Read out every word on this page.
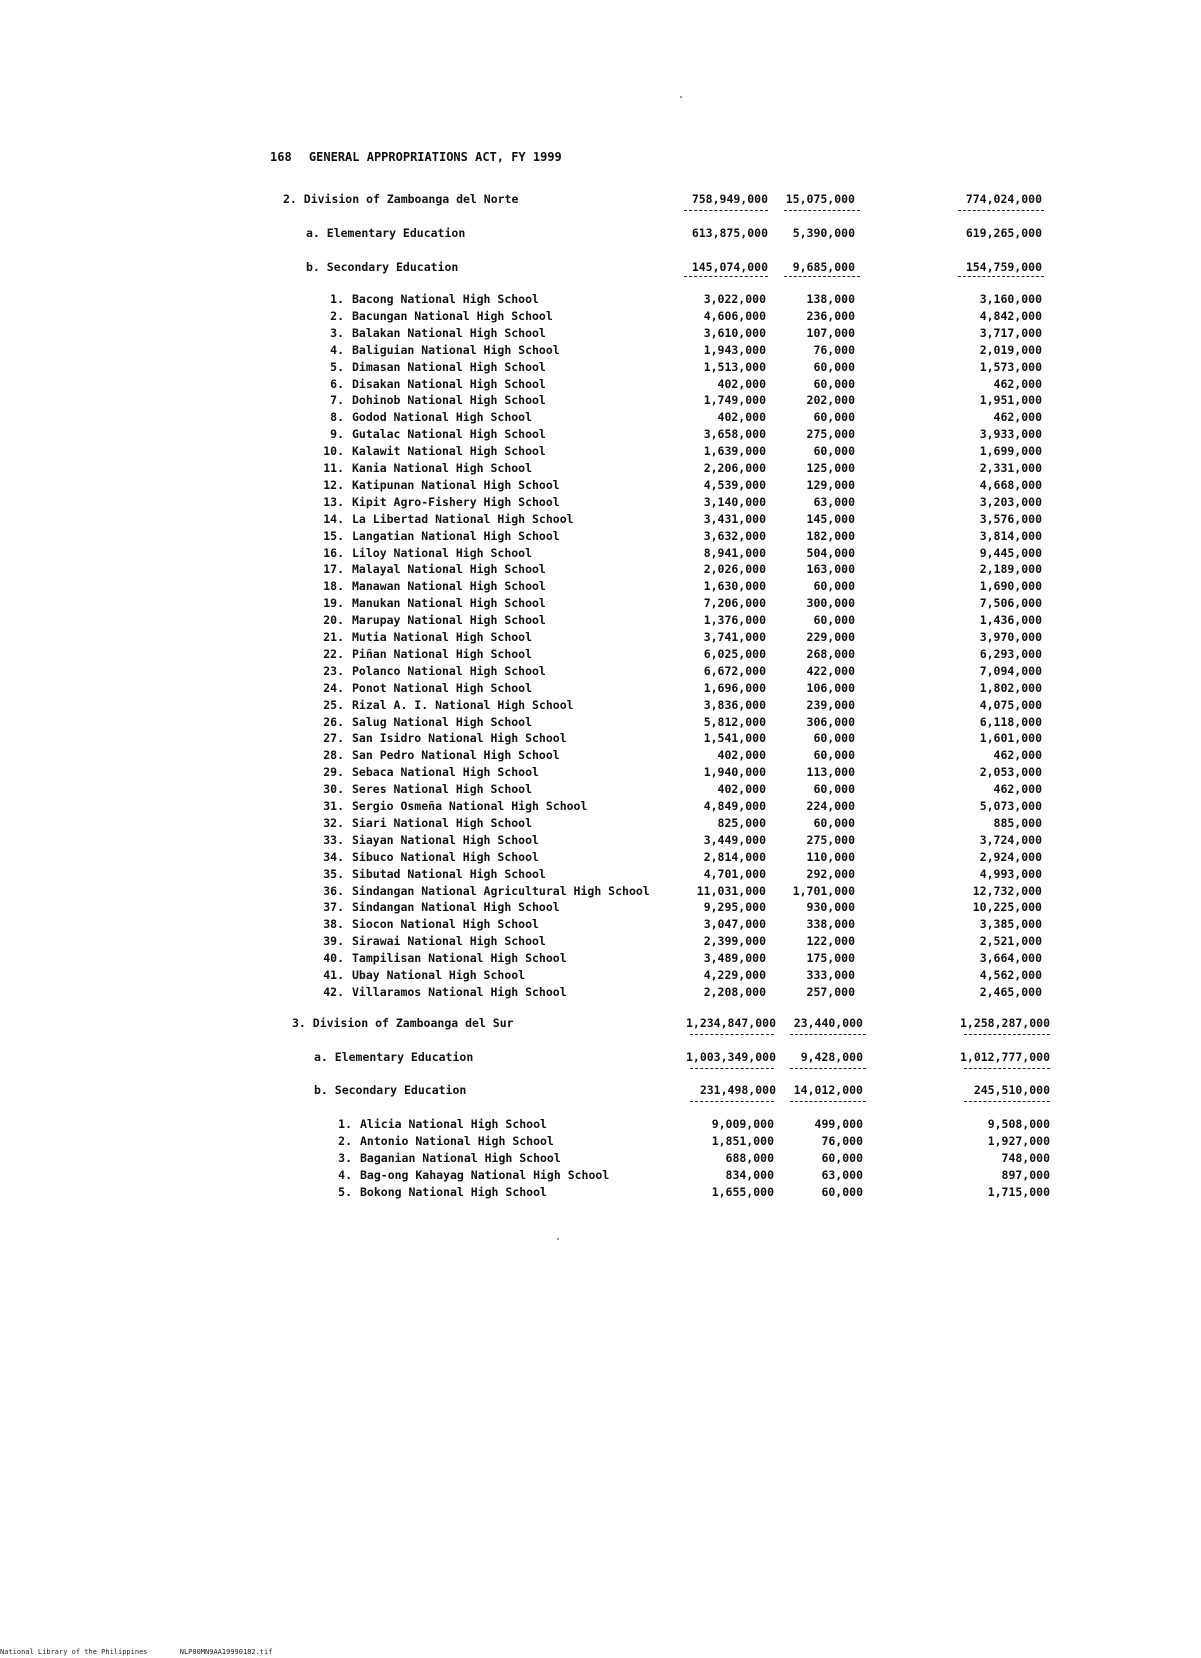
168 GENERAL APPROPRIATIONS ACT, FY 1999
2. Division of Zamboanga del Norte	758,949,000 15,075,000	774,024,000
a. Elementary Education	613,875,000 5,390,000	619,265,000
b. Secondary Education	145,074,000 9,685,000	154,759,000
1. Bacong National High School	3,022,000	138,000	3,160,000
2. Bacungan National High School	4,606,000	236,000	4,842,000
3. Balakan National High School	3,610,000	107,000	3,717,000
4. Baliguian National High School	1,943,000	76,000	2,019,000
5. Dimasan National High School	1,513,000	60,000	1,573,000
6. Disakan National High School	402,000	60,000	462,000
7. Dohinob National High School	1,749,000	202,000	1,951,000
8. Godod National High School	402,000	60,000	462,000
9. Gutalac National High School	3,658,000	275,000	3,933,000
10. Kalawit National High School	1,639,000	60,000	1,699,000
11. Kania National High School	2,206,000	125,000	2,331,000
12. Katipunan National High School	4,539,000	129,000	4,668,000
13. Kipit Agro-Fishery High School	3,140,000	63,000	3,203,000
14. La Libertad National High School	3,431,000	145,000	3,576,000
15. Langatian National High School	3,632,000	182,000	3,814,000
16. Liloy National High School	8,941,000	504,000	9,445,000
17. Malayal National High School	2,026,000	163,000	2,189,000
18. Manawan National High School	1,630,000	60,000	1,690,000
19. Manukan National High School	7,206,000	300,000	7,506,000
20. Marupay National High School	1,376,000	60,000	1,436,000
21. Mutia National High School	3,741,000	229,000	3,970,000
22. Piñan National High School	6,025,000	268,000	6,293,000
23. Polanco National High School	6,672,000	422,000	7,094,000
24. Ponot National High School	1,696,000	106,000	1,802,000
25. Rizal A. I. National High School	3,836,000	239,000	4,075,000
26. Salug National High School	5,812,000	306,000	6,118,000
27. San Isidro National High School	1,541,000	60,000	1,601,000
28. San Pedro National High School	402,000	60,000	462,000
29. Sebaca National High School	1,940,000	113,000	2,053,000
30. Seres National High School	402,000	60,000	462,000
31. Sergio Osmeña National High School	4,849,000	224,000	5,073,000
32. Siari National High School	825,000	60,000	885,000
33. Siayan National High School	3,449,000	275,000	3,724,000
34. Sibuco National High School	2,814,000	110,000	2,924,000
35. Sibutad National High School	4,701,000	292,000	4,993,000
36. Sindangan National Agricultural High School	11,031,000 1,701,000	12,732,000
37. Sindangan National High School	9,295,000	930,000	10,225,000
38. Siocon National High School	3,047,000	338,000	3,385,000
39. Sirawai National High School	2,399,000	122,000	2,521,000
40. Tampilisan National High School	3,489,000	175,000	3,664,000
41. Ubay National High School	4,229,000	333,000	4,562,000
42. Villaramos National High School	2,208,000	257,000	2,465,000
3. Division of Zamboanga del Sur	1,234,847,000 23,440,000	1,258,287,000
a. Elementary Education	1,003,349,000 9,428,000	1,012,777,000
b. Secondary Education	231,498,000 14,012,000	245,510,000
1. Alicia National High School	9,009,000	499,000	9,508,000
2. Antonio National High School	1,851,000	76,000	1,927,000
3. Baganian National High School	688,000	60,000	748,000
4. Bag-ong Kahayag National High School	834,000	63,000	897,000
5. Bokong National High School	1,655,000	60,000	1,715,000
National Library of the Philippines	NLP00MN9AA19990182.tif
